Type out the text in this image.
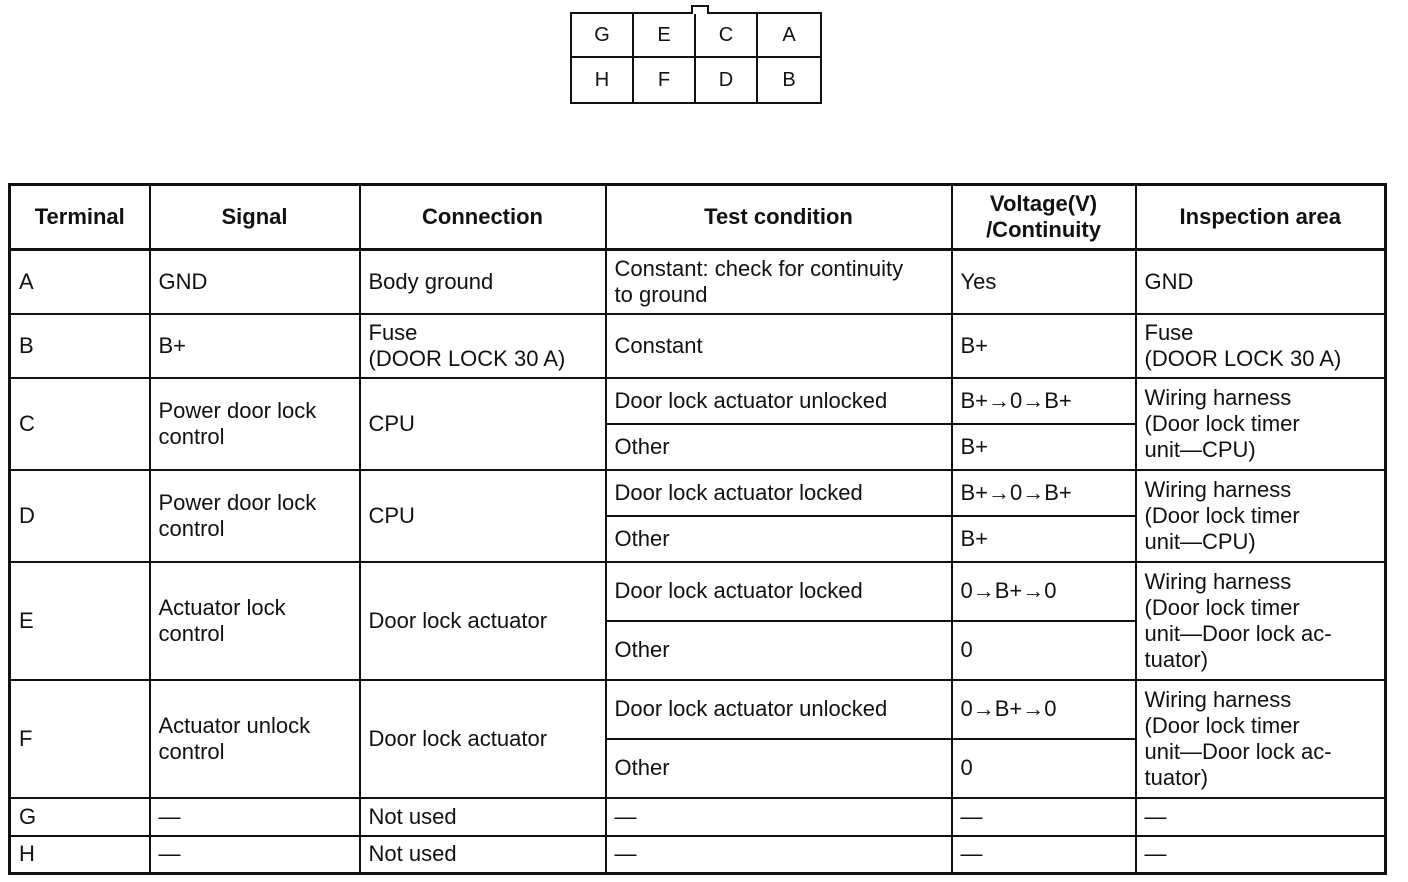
G	E	C	A
H	F	D	B
Terminal	Signal	Connection	Test condition	Voltage(V)
/Continuity	Inspection area
A	GND	Body ground	Constant: check for continuity
to ground	Yes	GND
B	B+	Fuse
(DOOR LOCK 30 A)	Constant	B+	Fuse
(DOOR LOCK 30 A)
C	Power door lock
control	CPU	Door lock actuator unlocked	B+→0→B+	Wiring harness
(Door lock timer
unit—CPU)
			Other	B+	
D	Power door lock
control	CPU	Door lock actuator locked	B+→0→B+	Wiring harness
(Door lock timer
unit—CPU)
			Other	B+	
E	Actuator lock
control	Door lock actuator	Door lock actuator locked	0→B+→0	Wiring harness
(Door lock timer
unit—Door lock ac-
tuator)
			Other	0	
F	Actuator unlock
control	Door lock actuator	Door lock actuator unlocked	0→B+→0	Wiring harness
(Door lock timer
unit—Door lock ac-
tuator)
			Other	0	
G	—	Not used	—	—	—
H	—	Not used	—	—	—
